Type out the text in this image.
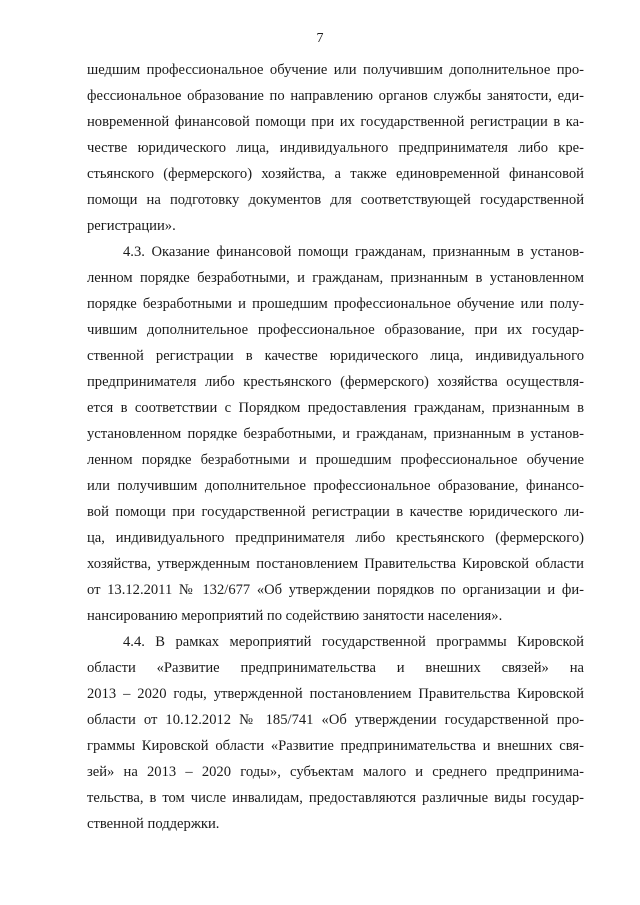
7
шедшим профессиональное обучение или получившим дополнительное про-
фессиональное образование по направлению органов службы занятости, еди-
новременной финансовой помощи при их государственной регистрации в ка-
честве юридического лица, индивидуального предпринимателя либо кре-
стьянского (фермерского) хозяйства, а также единовременной финансовой
помощи на подготовку документов для соответствующей государственной
регистрации».
4.3. Оказание финансовой помощи гражданам, признанным в установ-
ленном порядке безработными, и гражданам, признанным в установленном
порядке безработными и прошедшим профессиональное обучение или полу-
чившим дополнительное профессиональное образование, при их государ-
ственной регистрации в качестве юридического лица, индивидуального
предпринимателя либо крестьянского (фермерского) хозяйства осуществля-
ется в соответствии с Порядком предоставления гражданам, признанным в
установленном порядке безработными, и гражданам, признанным в установ-
ленном порядке безработными и прошедшим профессиональное обучение
или получившим дополнительное профессиональное образование, финансо-
вой помощи при государственной регистрации в качестве юридического ли-
ца, индивидуального предпринимателя либо крестьянского (фермерского)
хозяйства, утвержденным постановлением Правительства Кировской области
от 13.12.2011 № 132/677 «Об утверждении порядков по организации и фи-
нансированию мероприятий по содействию занятости населения».
4.4. В рамках мероприятий государственной программы Кировской
области «Развитие предпринимательства и внешних связей» на
2013 – 2020 годы, утвержденной постановлением Правительства Кировской
области от 10.12.2012 № 185/741 «Об утверждении государственной про-
граммы Кировской области «Развитие предпринимательства и внешних свя-
зей» на 2013 – 2020 годы», субъектам малого и среднего предпринима-
тельства, в том числе инвалидам, предоставляются различные виды государ-
ственной поддержки.
